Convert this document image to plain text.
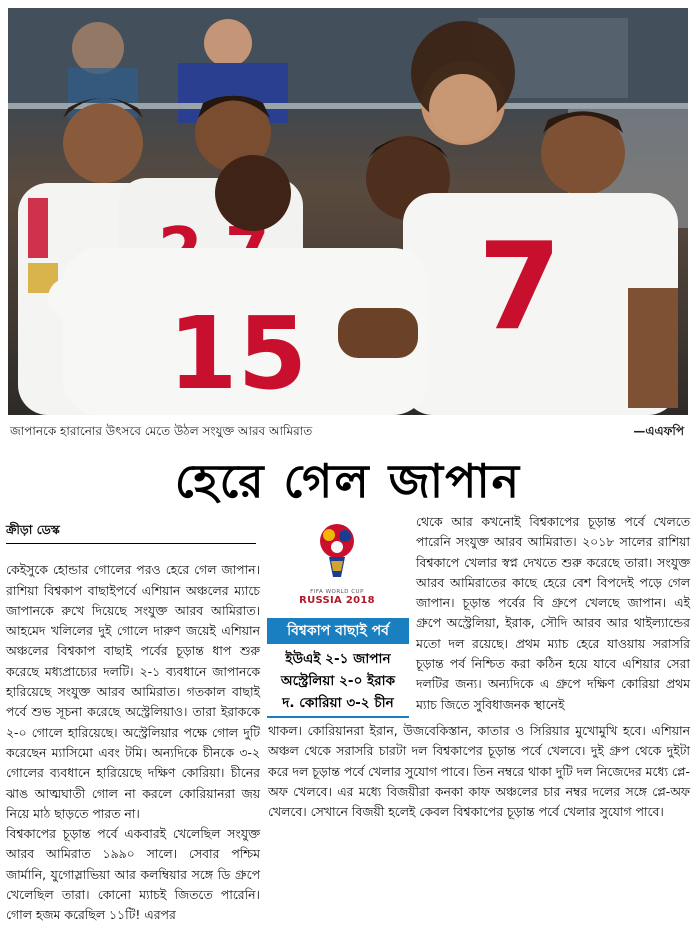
7
15
জাপানকে হারানোর উৎসবে মেতে উঠল সংযুক্ত আরব আমিরাত	—এএফপি
হেরে গেল জাপান
ক্রীড়া ডেস্ক

কেইসুকে হোন্ডার গোলের পরও হেরে গেল জাপান। রাশিয়া বিশ্বকাপ বাছাইপর্বে এশিয়ান অঞ্চলের ম্যাচে জাপানকে রুখে দিয়েছে সংযুক্ত আরব আমিরাত। আহমেদ খলিলের দুই গোলে দারুণ জয়েই এশিয়ান অঞ্চলের বিশ্বকাপ বাছাই পর্বের চূড়ান্ত ধাপ শুরু করেছে মধ্যপ্রাচ্যের দলটি। ২-১ ব্যবধানে জাপানকে হারিয়েছে সংযুক্ত আরব আমিরাত। গতকাল বাছাই পর্বে শুভ সূচনা করেছে অস্ট্রেলিয়াও। তারা ইরাককে ২-০ গোলে হারিয়েছে। অস্ট্রেলিয়ার পক্ষে গোল দুটি করেছেন ম্যাসিমো এবং টমি। অন্যদিকে চীনকে ৩-২ গোলের ব্যবধানে হারিয়েছে দক্ষিণ কোরিয়া। চীনের ঝাঙ আত্মঘাতী গোল না করলে কোরিয়ানরা জয় নিয়ে মাঠ ছাড়তে পারত না।

বিশ্বকাপের চূড়ান্ত পর্বে একবারই খেলেছিল সংযুক্ত আরব আমিরাত ১৯৯০ সালে। সেবার পশ্চিম জার্মানি, যুগোস্লাভিয়া আর কলম্বিয়ার সঙ্গে ডি গ্রুপে খেলেছিল তারা। কোনো ম্যাচই জিততে পারেনি। গোল হজম করেছিল ১১টি! এরপর

FIFA WORLD CUP
RUSSIA 2018
বিশ্বকাপ বাছাই পর্ব
ইউএই ২-১ জাপান
অস্ট্রেলিয়া ২-০ ইরাক
দ. কোরিয়া ৩-২ চীন
থেকে আর কখনোই বিশ্বকাপের চূড়ান্ত পর্বে খেলতে পারেনি সংযুক্ত আরব আমিরাত। ২০১৮ সালের রাশিয়া বিশ্বকাপে খেলার স্বপ্ন দেখতে শুরু করেছে তারা। সংযুক্ত আরব আমিরাতের কাছে হেরে বেশ বিপদেই পড়ে গেল জাপান। চূড়ান্ত পর্বের বি গ্রুপে খেলছে জাপান। এই গ্রুপে অস্ট্রেলিয়া, ইরাক, সৌদি আরব আর থাইল্যান্ডের মতো দল রয়েছে। প্রথম ম্যাচ হেরে যাওয়ায় সরাসরি চূড়ান্ত পর্ব নিশ্চিত করা কঠিন হয়ে যাবে এশিয়ার সেরা দলটির জন্য। অন্যদিকে এ গ্রুপে দক্ষিণ কোরিয়া প্রথম ম্যাচ জিতে সুবিধাজনক স্থানেই
থাকল। কোরিয়ানরা ইরান, উজবেকিস্তান, কাতার ও সিরিয়ার মুখোমুখি হবে। এশিয়ান অঞ্চল থেকে সরাসরি চারটা দল বিশ্বকাপের চূড়ান্ত পর্বে খেলবে। দুই গ্রুপ থেকে দুইটা করে দল চূড়ান্ত পর্বে খেলার সুযোগ পাবে। তিন নম্বরে থাকা দুটি দল নিজেদের মধ্যে প্লে-অফ খেলবে। এর মধ্যে বিজয়ীরা কনকা কাফ অঞ্চলের চার নম্বর দলের সঙ্গে প্লে-অফ খেলবে। সেখানে বিজয়ী হলেই কেবল বিশ্বকাপের চূড়ান্ত পর্বে খেলার সুযোগ পাবে।
